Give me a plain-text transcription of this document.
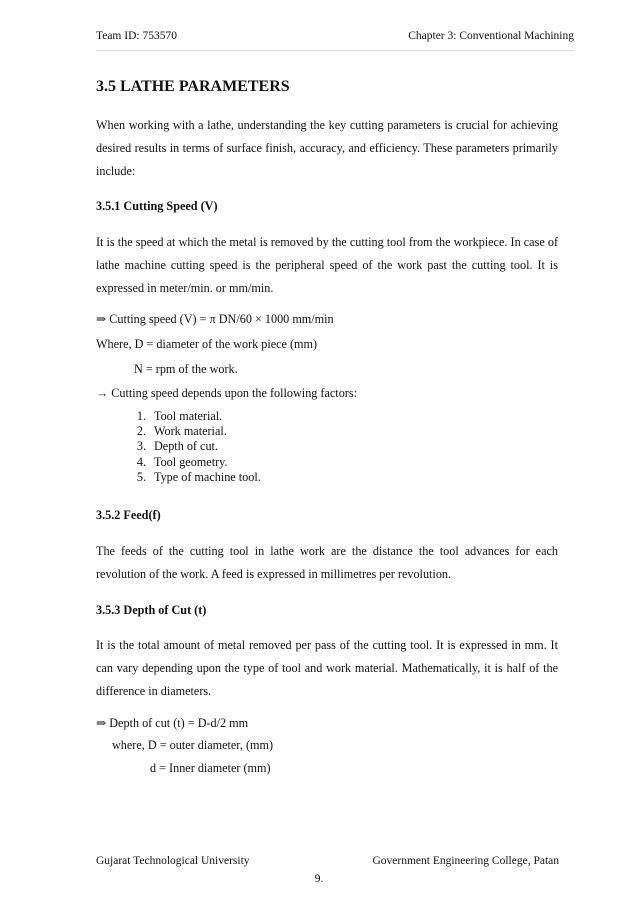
Team ID: 753570	Chapter 3: Conventional Machining
3.5 LATHE PARAMETERS

When working with a lathe, understanding the key cutting parameters is crucial for achieving desired results in terms of surface finish, accuracy, and efficiency. These parameters primarily include:

3.5.1 Cutting Speed (V)

It is the speed at which the metal is removed by the cutting tool from the workpiece. In case of lathe machine cutting speed is the peripheral speed of the work past the cutting tool. It is expressed in meter/min. or mm/min.

⇒ Cutting speed (V) = π DN/60 × 1000 mm/min

Where, D = diameter of the work piece (mm)

N = rpm of the work.

→ Cutting speed depends upon the following factors:

1. Tool material.
2. Work material.
3. Depth of cut.
4. Tool geometry.
5. Type of machine tool.

3.5.2 Feed(f)

The feeds of the cutting tool in lathe work are the distance the tool advances for each revolution of the work. A feed is expressed in millimetres per revolution.

3.5.3 Depth of Cut (t)

It is the total amount of metal removed per pass of the cutting tool. It is expressed in mm. It can vary depending upon the type of tool and work material. Mathematically, it is half of the difference in diameters.

⇒ Depth of cut (t) = D-d/2 mm

where, D = outer diameter, (mm)

d = Inner diameter (mm)

Gujarat Technological University	Government Engineering College, Patan
9.
